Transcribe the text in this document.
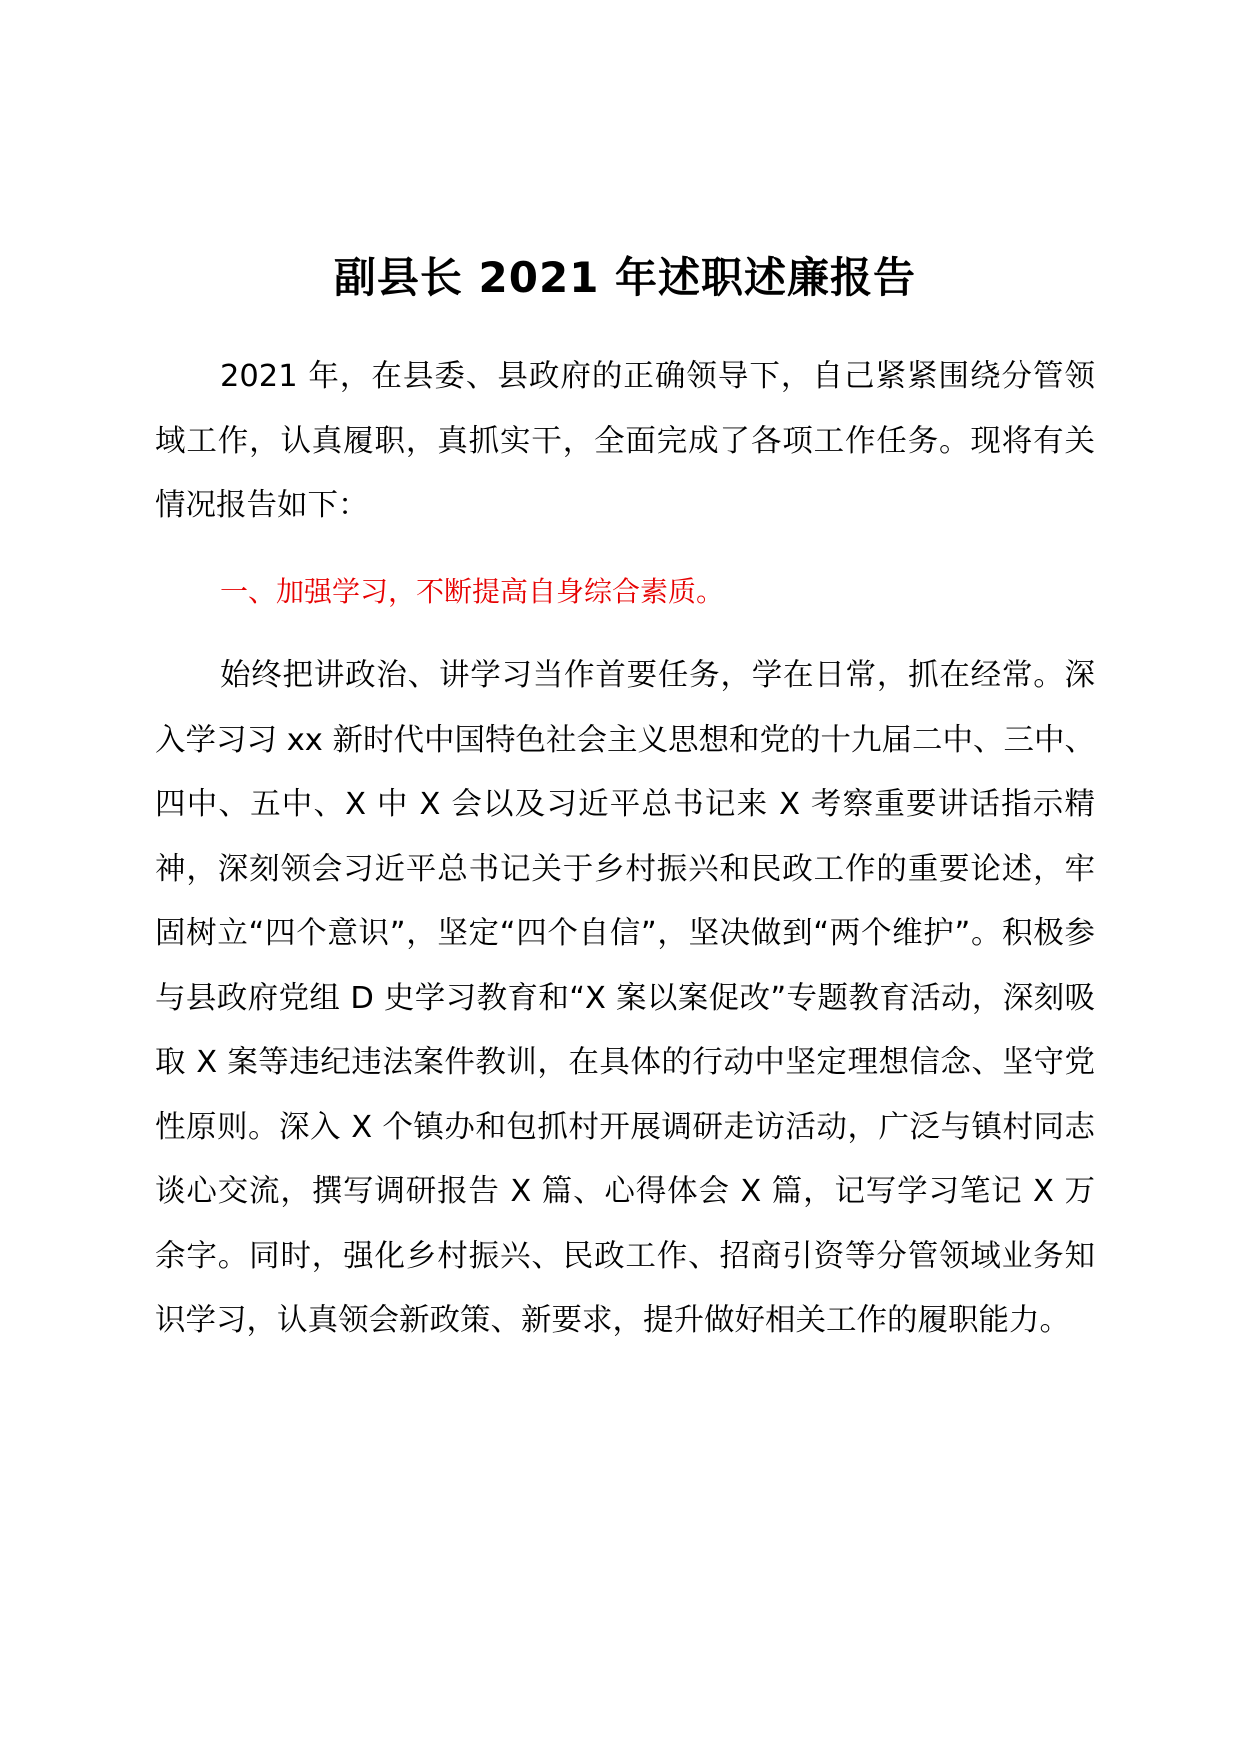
副县长 2021 年述职述廉报告

2021 年，在县委、县政府的正确领导下，自己紧紧围绕分管领域工作，认真履职，真抓实干，全面完成了各项工作任务。现将有关情况报告如下：

一、加强学习，不断提高自身综合素质。

始终把讲政治、讲学习当作首要任务，学在日常，抓在经常。深入学习习 xx 新时代中国特色社会主义思想和党的十九届二中、三中、四中、五中、X 中 X 会以及习近平总书记来 X 考察重要讲话指示精神，深刻领会习近平总书记关于乡村振兴和民政工作的重要论述，牢固树立“四个意识”，坚定“四个自信”，坚决做到“两个维护”。积极参与县政府党组 D 史学习教育和“X 案以案促改”专题教育活动，深刻吸取 X 案等违纪违法案件教训，在具体的行动中坚定理想信念、坚守党性原则。深入 X 个镇办和包抓村开展调研走访活动，广泛与镇村同志谈心交流，撰写调研报告 X 篇、心得体会 X 篇，记写学习笔记 X 万余字。同时，强化乡村振兴、民政工作、招商引资等分管领域业务知识学习，认真领会新政策、新要求，提升做好相关工作的履职能力。
